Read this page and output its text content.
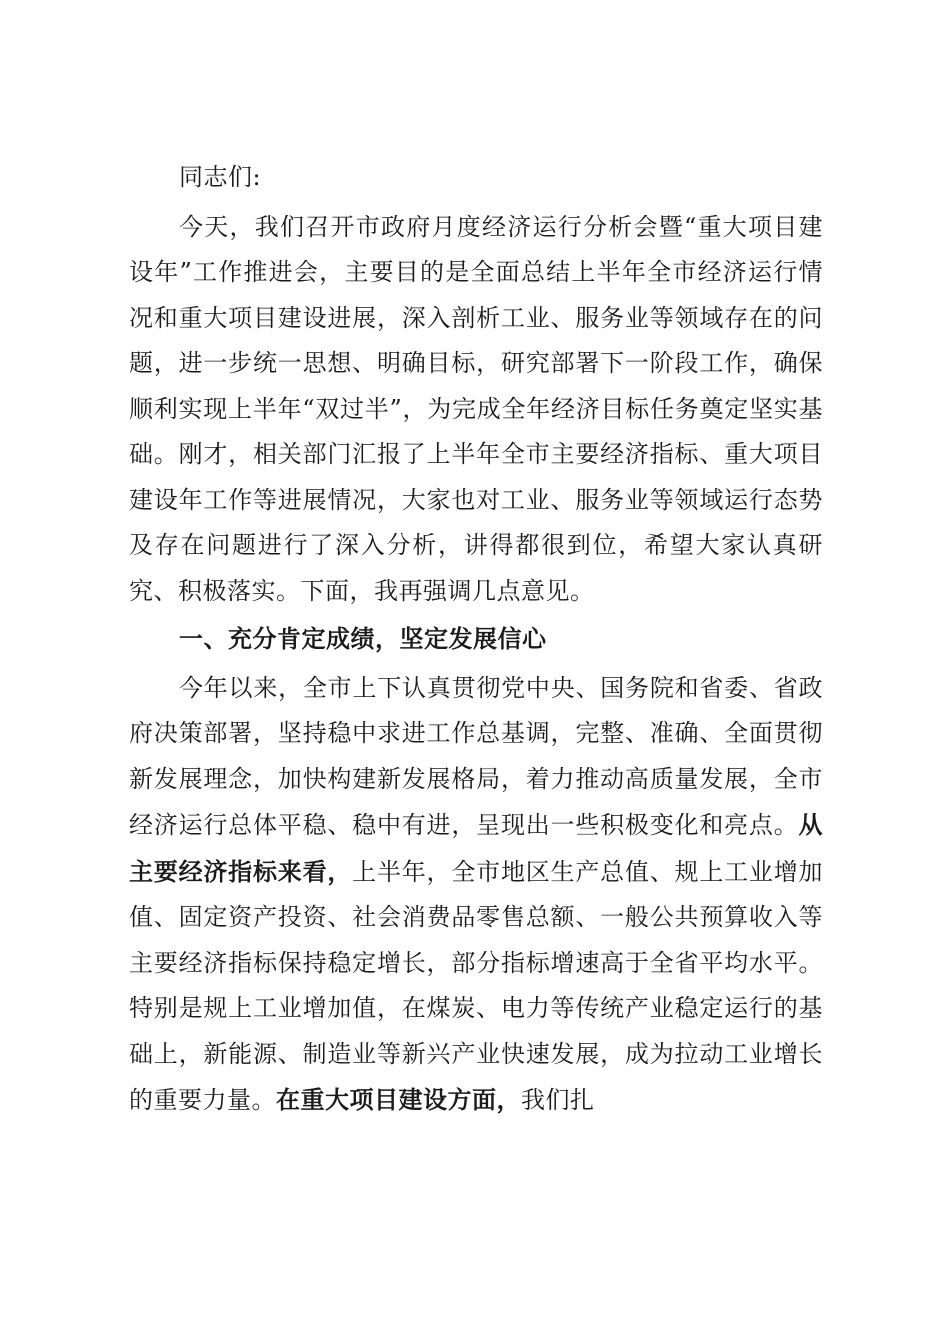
同志们:

今天，我们召开市政府月度经济运行分析会暨“重大项目建设年”工作推进会，主要目的是全面总结上半年全市经济运行情况和重大项目建设进展，深入剖析工业、服务业等领域存在的问题，进一步统一思想、明确目标，研究部署下一阶段工作，确保顺利实现上半年“双过半”，为完成全年经济目标任务奠定坚实基础。刚才，相关部门汇报了上半年全市主要经济指标、重大项目建设年工作等进展情况，大家也对工业、服务业等领域运行态势及存在问题进行了深入分析，讲得都很到位，希望大家认真研究、积极落实。下面，我再强调几点意见。

一、充分肯定成绩，坚定发展信心

今年以来，全市上下认真贯彻党中央、国务院和省委、省政府决策部署，坚持稳中求进工作总基调，完整、准确、全面贯彻新发展理念，加快构建新发展格局，着力推动高质量发展，全市经济运行总体平稳、稳中有进，呈现出一些积极变化和亮点。从主要经济指标来看，上半年，全市地区生产总值、规上工业增加值、固定资产投资、社会消费品零售总额、一般公共预算收入等主要经济指标保持稳定增长，部分指标增速高于全省平均水平。特别是规上工业增加值，在煤炭、电力等传统产业稳定运行的基础上，新能源、制造业等新兴产业快速发展，成为拉动工业增长的重要力量。在重大项目建设方面，我们扎
